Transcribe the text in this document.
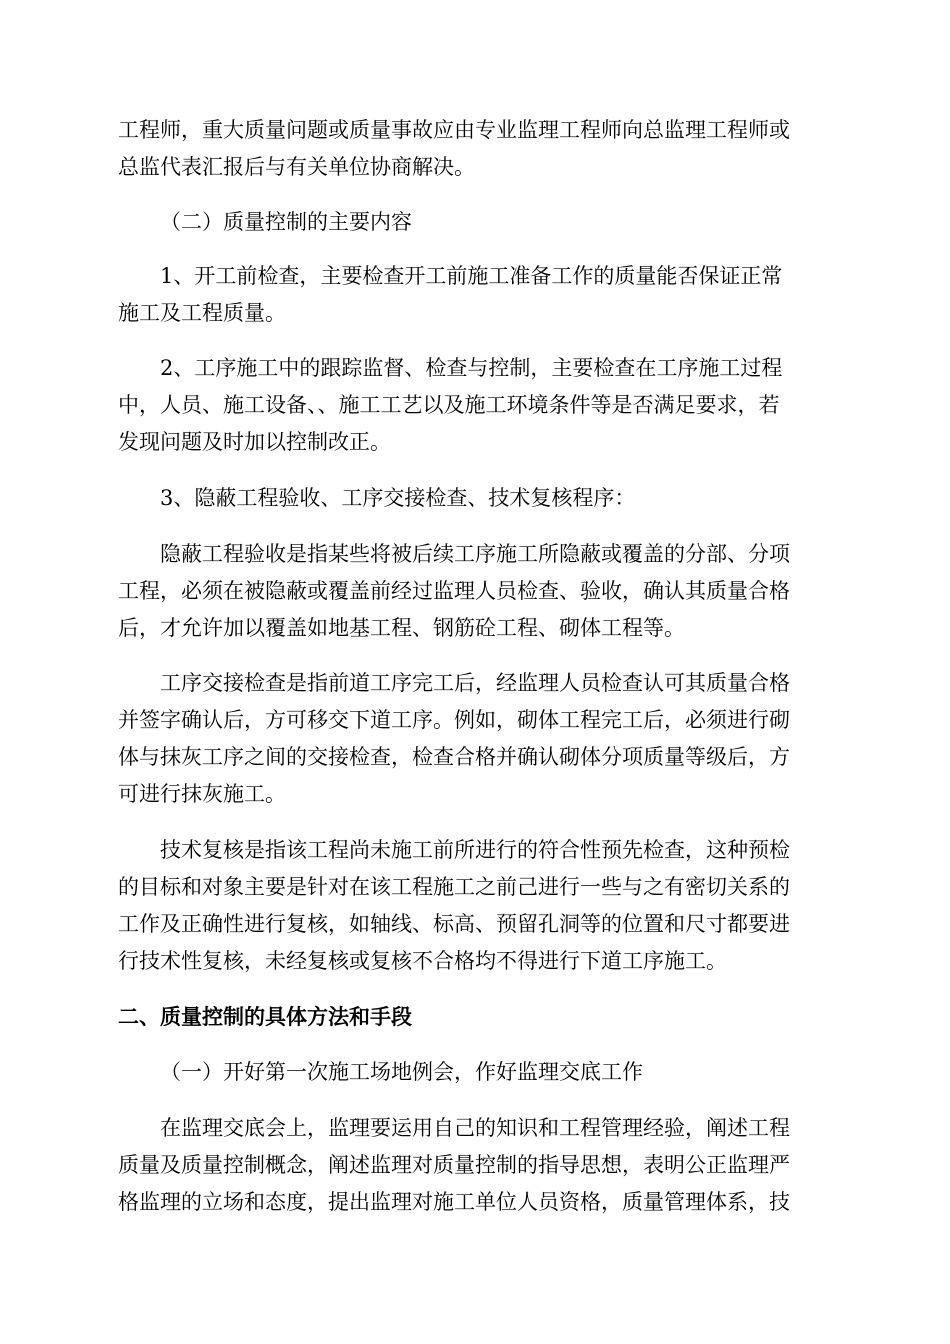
工程师，重大质量问题或质量事故应由专业监理工程师向总监理工程师或
总监代表汇报后与有关单位协商解决。
（二）质量控制的主要内容
1、开工前检查，主要检查开工前施工准备工作的质量能否保证正常
施工及工程质量。
2、工序施工中的跟踪监督、检查与控制，主要检查在工序施工过程
中，人员、施工设备、、施工工艺以及施工环境条件等是否满足要求，若
发现问题及时加以控制改正。
3、隐蔽工程验收、工序交接检查、技术复核程序：
隐蔽工程验收是指某些将被后续工序施工所隐蔽或覆盖的分部、分项
工程，必须在被隐蔽或覆盖前经过监理人员检查、验收，确认其质量合格
后，才允许加以覆盖如地基工程、钢筋砼工程、砌体工程等。
工序交接检查是指前道工序完工后，经监理人员检查认可其质量合格
并签字确认后，方可移交下道工序。例如，砌体工程完工后，必须进行砌
体与抹灰工序之间的交接检查，检查合格并确认砌体分项质量等级后，方
可进行抹灰施工。
技术复核是指该工程尚未施工前所进行的符合性预先检查，这种预检
的目标和对象主要是针对在该工程施工之前己进行一些与之有密切关系的
工作及正确性进行复核，如轴线、标高、预留孔洞等的位置和尺寸都要进
行技术性复核，未经复核或复核不合格均不得进行下道工序施工。
二、质量控制的具体方法和手段
（一）开好第一次施工场地例会，作好监理交底工作
在监理交底会上，监理要运用自己的知识和工程管理经验，阐述工程
质量及质量控制概念，阐述监理对质量控制的指导思想，表明公正监理严
格监理的立场和态度，提出监理对施工单位人员资格，质量管理体系，技
